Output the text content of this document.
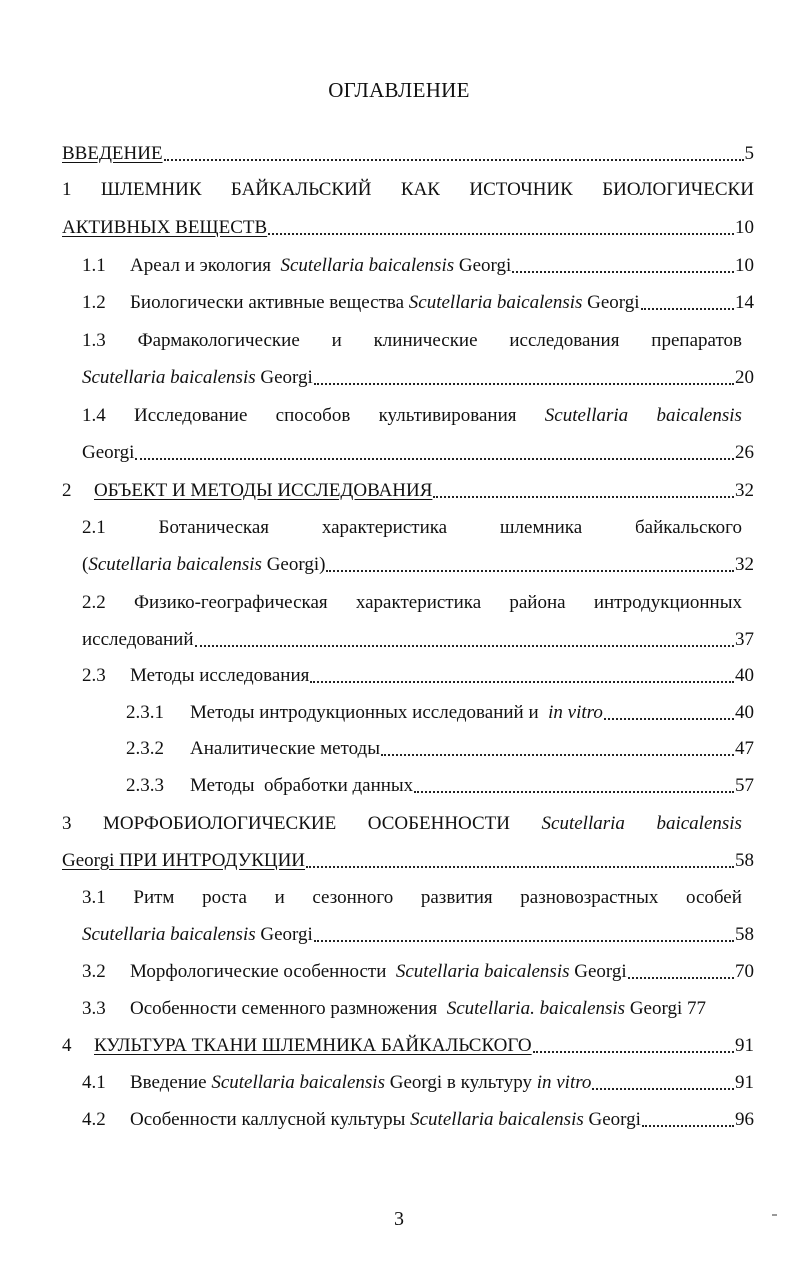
ОГЛАВЛЕНИЕ
ВВЕДЕНИЕ	5
1 ШЛЕМНИК БАЙКАЛЬСКИЙ КАК ИСТОЧНИК БИОЛОГИЧЕСКИ
АКТИВНЫХ ВЕЩЕСТВ	10
1.1	Ареал и экология Scutellaria baicalensis Georgi	10
1.2	Биологически активные вещества Scutellaria baicalensis Georgi	14
1.3 Фармакологические и клинические исследования препаратов
Scutellaria baicalensis Georgi	20
1.4 Исследование способов культивирования Scutellaria baicalensis
Georgi	26
2	ОБЪЕКТ И МЕТОДЫ ИССЛЕДОВАНИЯ	32
2.1	Ботаническая	характеристика	шлемника	байкальского
(Scutellaria baicalensis Georgi)	32
2.2 Физико-географическая характеристика района интродукционных
исследований	37
2.3	Методы исследования	40
2.3.1	Методы интродукционных исследований и in vitro	40
2.3.2	Аналитические методы	47
2.3.3	Методы  обработки данных	57
3 МОРФОБИОЛОГИЧЕСКИЕ ОСОБЕННОСТИ Scutellaria baicalensis
Georgi ПРИ ИНТРОДУКЦИИ	58
3.1 Ритм роста и сезонного развития разновозрастных особей
Scutellaria baicalensis Georgi	58
3.2	Морфологические особенности Scutellaria baicalensis Georgi	70
3.3	Особенности семенного размножения Scutellaria. baicalensis Georgi 77
4	КУЛЬТУРА ТКАНИ ШЛЕМНИКА БАЙКАЛЬСКОГО	91
4.1	Введение Scutellaria baicalensis Georgi в культуру in vitro	91
4.2	Особенности каллусной культуры Scutellaria baicalensis Georgi	96
3
